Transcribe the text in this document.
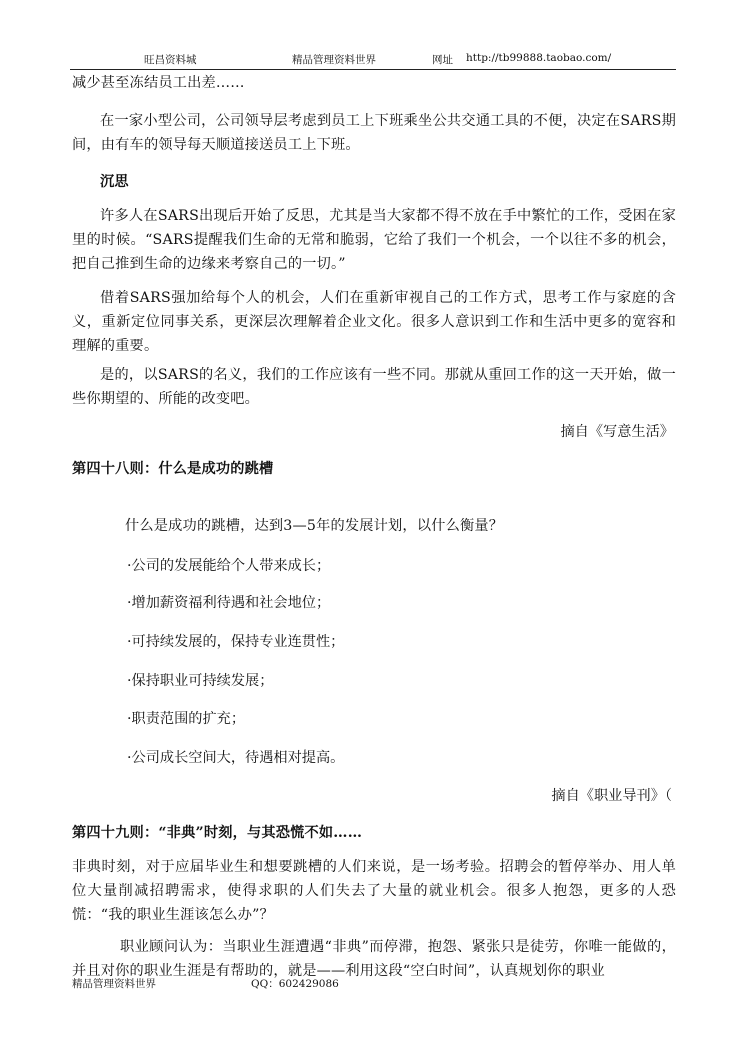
旺昌资料城	精品管理资料世界	网址 http://tb99888.taobao.com/
减少甚至冻结员工出差……
在一家小型公司，公司领导层考虑到员工上下班乘坐公共交通工具的不便，决定在SARS期间，由有车的领导每天顺道接送员工上下班。
沉思
许多人在SARS出现后开始了反思，尤其是当大家都不得不放在手中繁忙的工作，受困在家里的时候。“SARS提醒我们生命的无常和脆弱，它给了我们一个机会，一个以往不多的机会，把自己推到生命的边缘来考察自己的一切。”
借着SARS强加给每个人的机会，人们在重新审视自己的工作方式，思考工作与家庭的含义，重新定位同事关系，更深层次理解着企业文化。很多人意识到工作和生活中更多的宽容和理解的重要。
是的，以SARS的名义，我们的工作应该有一些不同。那就从重回工作的这一天开始，做一些你期望的、所能的改变吧。
摘自《写意生活》
第四十八则：什么是成功的跳槽
什么是成功的跳槽，达到3—5年的发展计划，以什么衡量？
·公司的发展能给个人带来成长；
·增加薪资福利待遇和社会地位；
·可持续发展的，保持专业连贯性；
·保持职业可持续发展；
·职责范围的扩充；
·公司成长空间大，待遇相对提高。
摘自《职业导刊》（
第四十九则：“非典”时刻，与其恐慌不如……
非典时刻，对于应届毕业生和想要跳槽的人们来说，是一场考验。招聘会的暂停举办、用人单位大量削减招聘需求，使得求职的人们失去了大量的就业机会。很多人抱怨，更多的人恐慌：“我的职业生涯该怎么办”？
职业顾问认为：当职业生涯遭遇“非典”而停滞，抱怨、紧张只是徒劳，你唯一能做的，并且对你的职业生涯是有帮助的，就是——利用这段“空白时间”，认真规划你的职业
精品管理资料世界	QQ：602429086
